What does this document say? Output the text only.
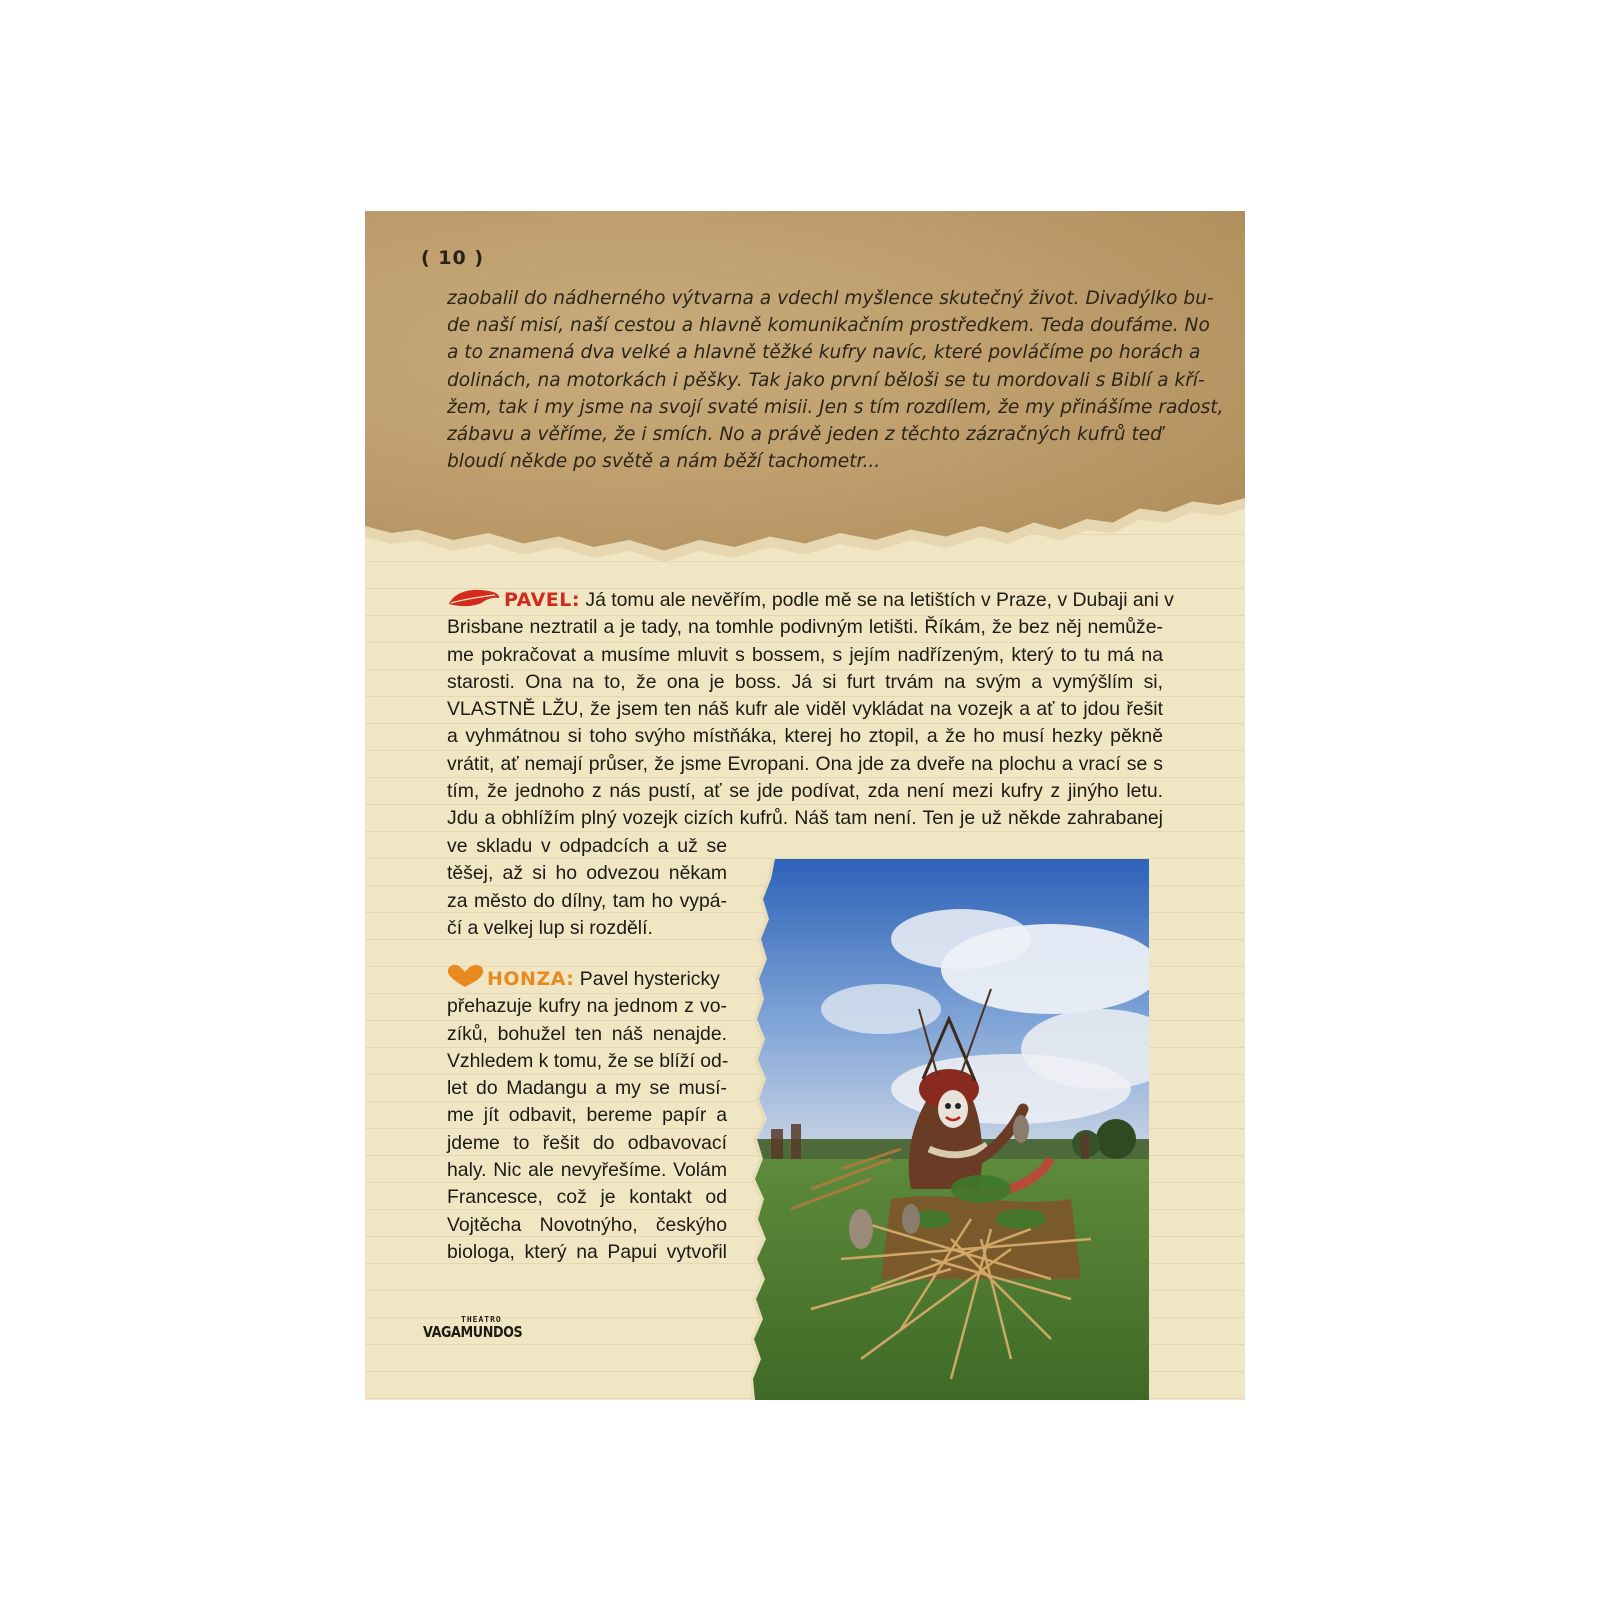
( 10 )
zaobalil do nádherného výtvarna a vdechl myšlence skutečný život. Divadýlko bu-
de naší misí, naší cestou a hlavně komunikačním prostředkem. Teda doufáme. No
a to znamená dva velké a hlavně těžké kufry navíc, které povláčíme po horách a
dolinách, na motorkách i pěšky. Tak jako první běloši se tu mordovali s Biblí a kří-
žem, tak i my jsme na svojí svaté misii. Jen s tím rozdílem, že my přinášíme radost,
zábavu a věříme, že i smích. No a právě jeden z těchto zázračných kufrů teď
bloudí někde po světě a nám běží tachometr...
PAVEL: Já tomu ale nevěřím, podle mě se na letištích v Praze, v Dubaji ani v
Brisbane neztratil a je tady, na tomhle podivným letišti. Říkám, že bez něj nemůže-
me pokračovat a musíme mluvit s bossem, s jejím nadřízeným, který to tu má na
starosti. Ona na to, že ona je boss. Já si furt trvám na svým a vymýšlím si,
VLASTNĚ LŽU, že jsem ten náš kufr ale viděl vykládat na vozejk a ať to jdou řešit
a vyhmátnou si toho svýho místňáka, kterej ho ztopil, a že ho musí hezky pěkně
vrátit, ať nemají průser, že jsme Evropani. Ona jde za dveře na plochu a vrací se s
tím, že jednoho z nás pustí, ať se jde podívat, zda není mezi kufry z jinýho letu.
Jdu a obhlížím plný vozejk cizích kufrů. Náš tam není. Ten je už někde zahrabanej
ve skladu v odpadcích a už se
těšej, až si ho odvezou někam
za město do dílny, tam ho vypá-
čí a velkej lup si rozdělí.
HONZA: Pavel hystericky
přehazuje kufry na jednom z vo-
zíků, bohužel ten náš nenajde.
Vzhledem k tomu, že se blíží od-
let do Madangu a my se musí-
me jít odbavit, bereme papír a
jdeme to řešit do odbavovací
haly. Nic ale nevyřešíme. Volám
Francesce, což je kontakt od
Vojtěcha Novotnýho, českýho
biologa, který na Papui vytvořil
THEATRO
VAGAMUNDOS
